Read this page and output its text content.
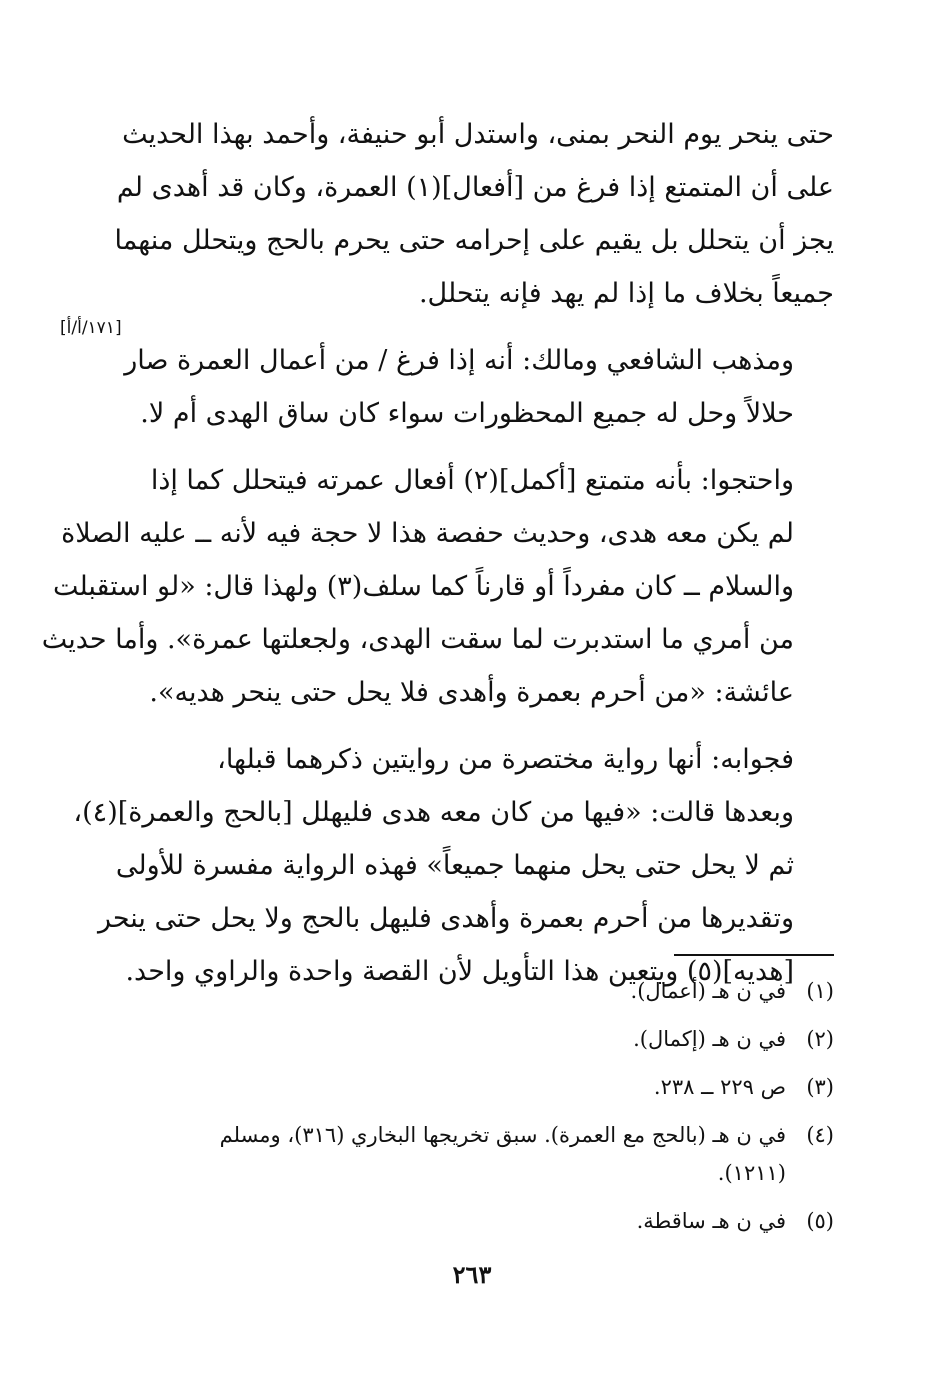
حتى ينحر يوم النحر بمنى، واستدل أبو حنيفة، وأحمد بهذا الحديث
على أن المتمتع إذا فرغ من [أفعال](١) العمرة، وكان قد أهدى لم
يجز أن يتحلل بل يقيم على إحرامه حتى يحرم بالحج ويتحلل منهما
جميعاً بخلاف ما إذا لم يهد فإنه يتحلل.

ومذهب الشافعي ومالك: أنه إذا فرغ / من أعمال العمرة صار
حلالاً وحل له جميع المحظورات سواء كان ساق الهدى أم لا.

واحتجوا: بأنه متمتع [أكمل](٢) أفعال عمرته فيتحلل كما إذا
لم يكن معه هدى، وحديث حفصة هذا لا حجة فيه لأنه ــ عليه الصلاة
والسلام ــ كان مفرداً أو قارناً كما سلف(٣) ولهذا قال: «لو استقبلت
من أمري ما استدبرت لما سقت الهدى، ولجعلتها عمرة». وأما حديث
عائشة: «من أحرم بعمرة وأهدى فلا يحل حتى ينحر هديه».

فجوابه: أنها رواية مختصرة من روايتين ذكرهما قبلها،
وبعدها قالت: «فيها من كان معه هدى فليهلل [بالحج والعمرة](٤)،
ثم لا يحل حتى يحل منهما جميعاً» فهذه الرواية مفسرة للأولى
وتقديرها من أحرم بعمرة وأهدى فليهل بالحج ولا يحل حتى ينحر
[هديه](٥) ويتعين هذا التأويل لأن القصة واحدة والراوي واحد.

[١٧١/أ/أ]
(١)
في ن هـ (أعمال).
(٢)
في ن هـ (إكمال).
(٣)
ص ٢٢٩ ــ ٢٣٨.
(٤)
في ن هـ (بالحج مع العمرة). سبق تخريجها البخاري (٣١٦)، ومسلم (١٢١١).
(٥)
في ن هـ ساقطة.
٢٦٣
